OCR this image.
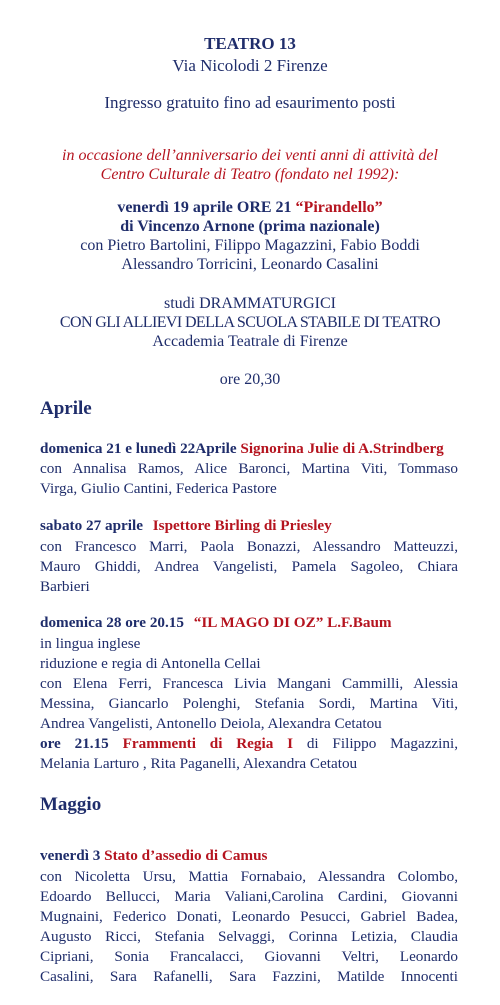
TEATRO 13
Via Nicolodi 2 Firenze
Ingresso gratuito fino ad esaurimento posti
in occasione dell’anniversario dei venti anni di attività del
Centro Culturale di Teatro (fondato nel 1992):
venerdì 19 aprile ORE 21 “Pirandello”
di Vincenzo Arnone (prima nazionale)
con Pietro Bartolini, Filippo Magazzini, Fabio Boddi
Alessandro Torricini, Leonardo Casalini
studi DRAMMATURGICI
CON GLI ALLIEVI DELLA SCUOLA STABILE DI TEATRO
Accademia Teatrale di Firenze
ore 20,30
Aprile
domenica 21 e lunedì 22Aprile Signorina Julie di A.Strindberg
con Annalisa Ramos, Alice Baronci, Martina Viti, Tommaso
Virga, Giulio Cantini, Federica Pastore
sabato 27 aprile Ispettore Birling di Priesley
con Francesco Marri, Paola Bonazzi, Alessandro Matteuzzi,
Mauro Ghiddi, Andrea Vangelisti, Pamela Sagoleo, Chiara
Barbieri
domenica 28 ore 20.15 “IL MAGO DI OZ” L.F.Baum
in lingua inglese
riduzione e regia di Antonella Cellai
con Elena Ferri, Francesca Livia Mangani Cammilli, Alessia
Messina, Giancarlo Polenghi, Stefania Sordi, Martina Viti,
Andrea Vangelisti, Antonello Deiola, Alexandra Cetatou
ore 21.15 Frammenti di Regia I di Filippo Magazzini,
Melania Larturo , Rita Paganelli, Alexandra Cetatou
Maggio
venerdì 3 Stato d’assedio di Camus
con Nicoletta Ursu, Mattia Fornabaio, Alessandra Colombo,
Edoardo Bellucci, Maria Valiani,Carolina Cardini, Giovanni
Mugnaini, Federico Donati, Leonardo Pesucci, Gabriel Badea,
Augusto Ricci, Stefania Selvaggi, Corinna Letizia, Claudia
Cipriani, Sonia Francalacci, Giovanni Veltri, Leonardo
Casalini, Sara Rafanelli, Sara Fazzini, Matilde Innocenti
